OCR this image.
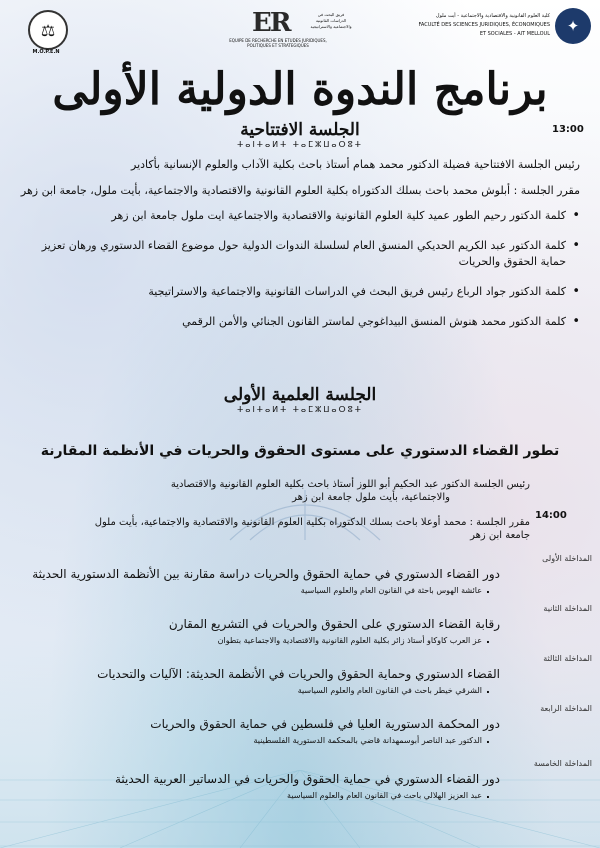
⚖
M.O.P.E.N
ER
EQUIPE DE RECHERCHE EN ETUDES JURIDIQUES, POLITIQUES ET STRATEGIQUES
فريق البحث في الدراسات القانونية والاجتماعية والاستراتيجية
كلية العلوم القانونية والاقتصادية والاجتماعية - أيت ملول
FACULTÉ DES SCIENCES JURIDIQUES, ÉCONOMIQUES ET SOCIALES - AIT MELLOUL ✦
برنامج الندوة الدولية الأولى
الجلسة الافتتاحية
ⵜⴰⵏⵜⴰⵍⵜ ⵜⴰⵎⵣⵡⴰⵔⵓⵜ
13:00
رئيس الجلسة الافتتاحية فضيلة الدكتور محمد همام أستاذ باحث بكلية الآداب والعلوم الإنسانية بأكادير
مقرر الجلسة : أبلوش محمد باحث بسلك الدكتوراه بكلية العلوم القانونية والاقتصادية والاجتماعية، بأيت ملول، جامعة ابن زهر
• كلمة الدكتور رحيم الطور عميد كلية العلوم القانونية والاقتصادية والاجتماعية ايت ملول جامعة ابن زهر
• كلمة الدكتور عبد الكريم الحديكي المنسق العام لسلسلة الندوات الدولية حول موضوع القضاء الدستوري ورهان تعزيز حماية الحقوق والحريات
• كلمة الدكتور جواد الرباع رئيس فريق البحث في الدراسات القانونية والاجتماعية والاستراتيجية
• كلمة الدكتور محمد هنوش المنسق البيداغوجي لماستر القانون الجنائي والأمن الرقمي
الجلسة العلمية الأولى
ⵜⴰⵏⵜⴰⵍⵜ ⵜⴰⵎⵣⵡⴰⵔⵓⵜ
تطور القضاء الدستوري على مستوى الحقوق والحريات في الأنظمة المقارنة
رئيس الجلسة الدكتور عبد الحكيم أبو اللوز أستاذ باحث بكلية العلوم القانونية والاقتصادية
والاجتماعية، بأيت ملول جامعة ابن زهر
14:00
مقرر الجلسة : محمد أوعلا باحث بسلك الدكتوراه بكلية العلوم القانونية والاقتصادية والاجتماعية، بأيت ملول
جامعة ابن زهر
المداخلة الأولى
دور القضاء الدستوري في حماية الحقوق والحريات دراسة مقارنة بين الأنظمة الدستورية الحديثة
. عائشة الهوس باحثة في القانون العام والعلوم السياسية
المداخلة الثانية
رقابة القضاء الدستوري على الحقوق والحريات في التشريع المقارن
. عز العرب كاوكاو أستاذ زائر بكلية العلوم القانونية والاقتصادية والاجتماعية بتطوان
المداخلة الثالثة
القضاء الدستوري وحماية الحقوق والحريات في الأنظمة الحديثة: الآليات والتحديات
. الشرقي خيطر باحث في القانون العام والعلوم السياسية
المداخلة الرابعة
دور المحكمة الدستورية العليا في فلسطين في حماية الحقوق والحريات
. الدكتور عبد الناصر أبوسمهدانة قاضي بالمحكمة الدستورية الفلسطينية
المداخلة الخامسة
دور القضاء الدستوري في حماية الحقوق والحريات في الدساتير العربية الحديثة
. عبد العزيز الهلالي باحث في القانون العام والعلوم السياسية
